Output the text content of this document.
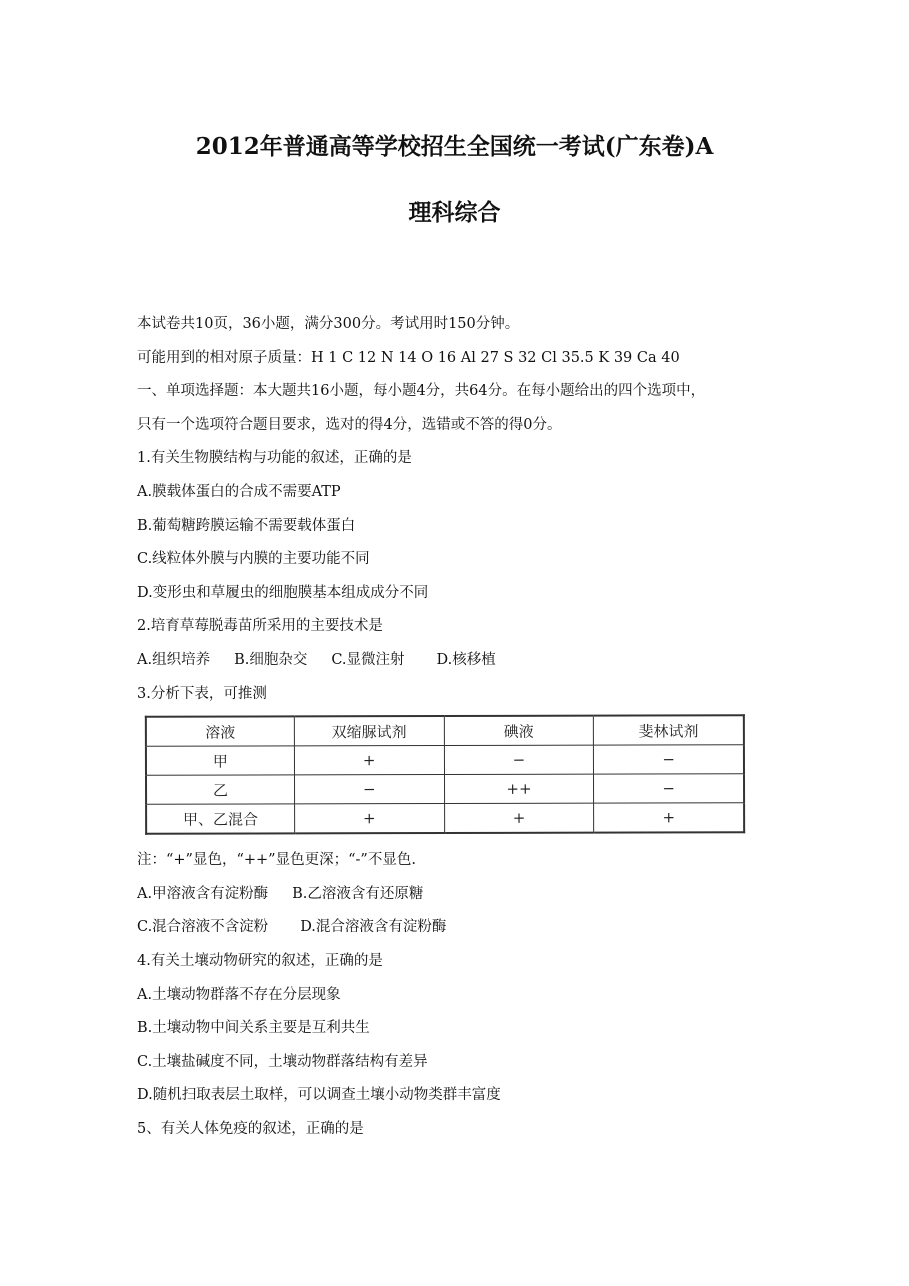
2012年普通高等学校招生全国统一考试(广东卷)A
理科综合
本试卷共10页，36小题，满分300分。考试用时150分钟。
可能用到的相对原子质量：H 1 C 12 N 14 O 16 Al 27 S 32 Cl 35.5 K 39 Ca 40
一、单项选择题：本大题共16小题，每小题4分，共64分。在每小题给出的四个选项中，
只有一个选项符合题目要求，选对的得4分，选错或不答的得0分。
1.有关生物膜结构与功能的叙述，正确的是
A.膜载体蛋白的合成不需要ATP
B.葡萄糖跨膜运输不需要载体蛋白
C.线粒体外膜与内膜的主要功能不同
D.变形虫和草履虫的细胞膜基本组成成分不同
2.培育草莓脱毒苗所采用的主要技术是
A.组织培养 B.细胞杂交 C.显微注射 D.核移植
3.分析下表，可推测
溶液	双缩脲试剂	碘液	斐林试剂
甲	+	−	−
乙	−	++	−
甲、乙混合	+	+	+
注：“+”显色，“++”显色更深；“-”不显色.
A.甲溶液含有淀粉酶 B.乙溶液含有还原糖
C.混合溶液不含淀粉 D.混合溶液含有淀粉酶
4.有关土壤动物研究的叙述，正确的是
A.土壤动物群落不存在分层现象
B.土壤动物中间关系主要是互利共生
C.土壤盐碱度不同，土壤动物群落结构有差异
D.随机扫取表层土取样，可以调查土壤小动物类群丰富度
5、有关人体免疫的叙述，正确的是
